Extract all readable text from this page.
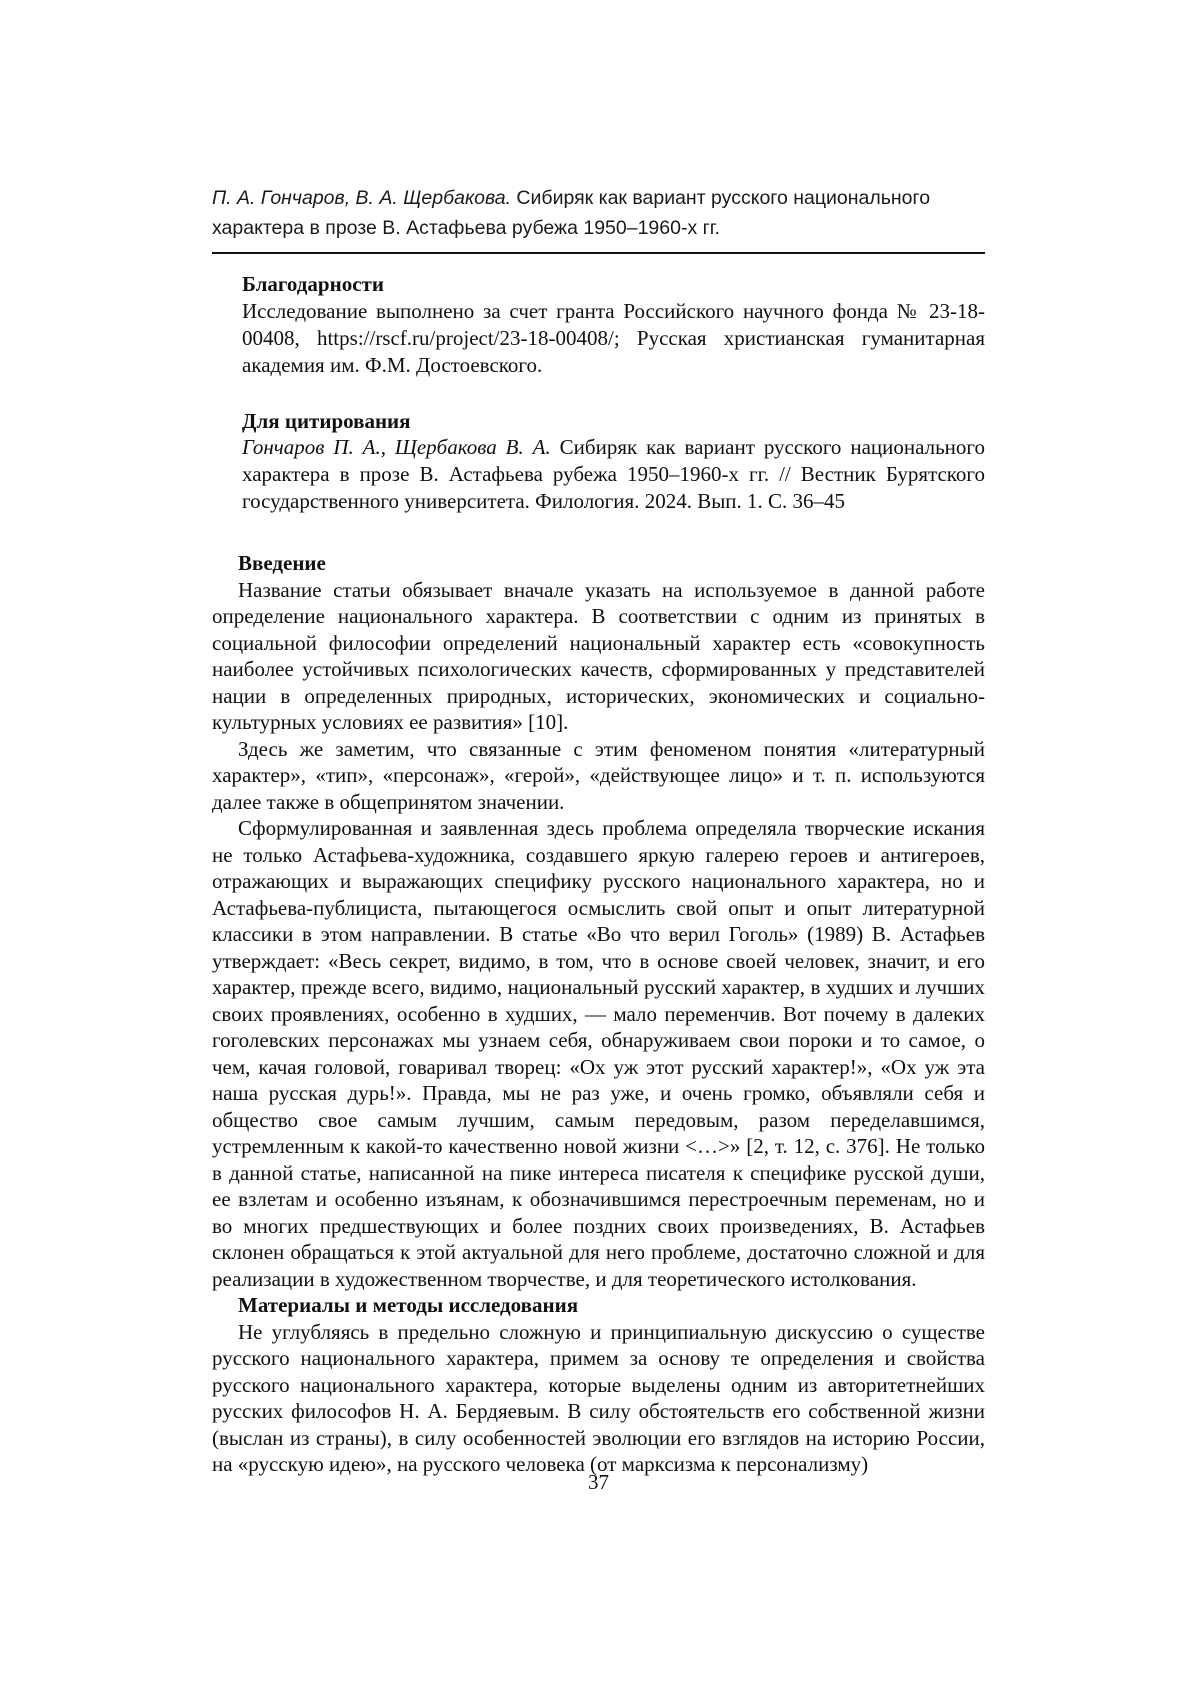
П. А. Гончаров, В. А. Щербакова. Сибиряк как вариант русского национального характера в прозе В. Астафьева рубежа 1950–1960-х гг.
Благодарности

Исследование выполнено за счет гранта Российского научного фонда № 23-18-00408, https://rscf.ru/project/23-18-00408/; Русская христианская гуманитарная академия им. Ф.М. Достоевского.

Для цитирования

Гончаров П. А., Щербакова В. А. Сибиряк как вариант русского национального характера в прозе В. Астафьева рубежа 1950–1960-х гг. // Вестник Бурятского государственного университета. Филология. 2024. Вып. 1. С. 36–45

Введение

Название статьи обязывает вначале указать на используемое в данной работе определение национального характера. В соответствии с одним из принятых в социальной философии определений национальный характер есть «совокупность наиболее устойчивых психологических качеств, сформированных у представителей нации в определенных природных, исторических, экономических и социально-культурных условиях ее развития» [10].

Здесь же заметим, что связанные с этим феноменом понятия «литературный характер», «тип», «персонаж», «герой», «действующее лицо» и т. п. используются далее также в общепринятом значении.

Сформулированная и заявленная здесь проблема определяла творческие искания не только Астафьева-художника, создавшего яркую галерею героев и антигероев, отражающих и выражающих специфику русского национального характера, но и Астафьева-публициста, пытающегося осмыслить свой опыт и опыт литературной классики в этом направлении. В статье «Во что верил Гоголь» (1989) В. Астафьев утверждает: «Весь секрет, видимо, в том, что в основе своей человек, значит, и его характер, прежде всего, видимо, национальный русский характер, в худших и лучших своих проявлениях, особенно в худших, — мало переменчив. Вот почему в далеких гоголевских персонажах мы узнаем себя, обнаруживаем свои пороки и то самое, о чем, качая головой, говаривал творец: «Ох уж этот русский характер!», «Ох уж эта наша русская дурь!». Правда, мы не раз уже, и очень громко, объявляли себя и общество свое самым лучшим, самым передовым, разом переделавшимся, устремленным к какой-то качественно новой жизни <…>» [2, т. 12, с. 376]. Не только в данной статье, написанной на пике интереса писателя к специфике русской души, ее взлетам и особенно изъянам, к обозначившимся перестроечным переменам, но и во многих предшествующих и более поздних своих произведениях, В. Астафьев склонен обращаться к этой актуальной для него проблеме, достаточно сложной и для реализации в художественном творчестве, и для теоретического истолкования.

Материалы и методы исследования

Не углубляясь в предельно сложную и принципиальную дискуссию о существе русского национального характера, примем за основу те определения и свойства русского национального характера, которые выделены одним из авторитетнейших русских философов Н. А. Бердяевым. В силу обстоятельств его собственной жизни (выслан из страны), в силу особенностей эволюции его взглядов на историю России, на «русскую идею», на русского человека (от марксизма к персонализму)

37
